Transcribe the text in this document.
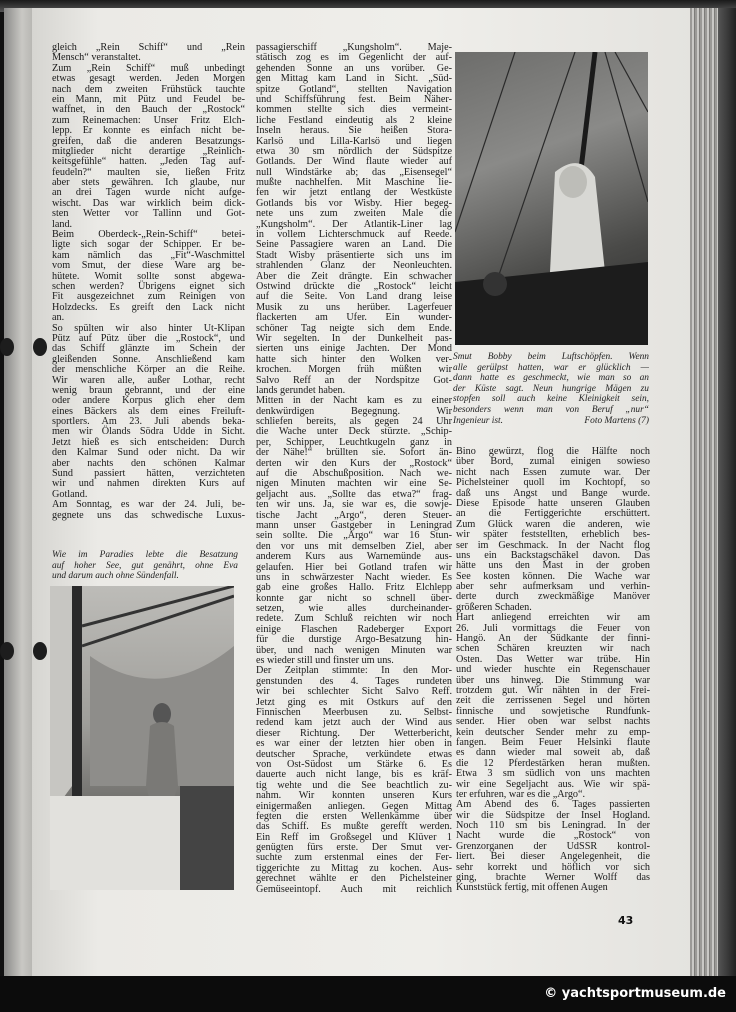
gleich „Rein Schiff“ und „Rein
Mensch“ veranstaltet.
Zum „Rein Schiff“ muß unbedingt
etwas gesagt werden. Jeden Morgen
nach dem zweiten Frühstück tauchte
ein Mann, mit Pütz und Feudel be-
waffnet, in den Bauch der „Rostock“
zum Reinemachen: Unser Fritz Elch-
lepp. Er konnte es einfach nicht be-
greifen, daß die anderen Besatzungs-
mitglieder nicht derartige „Reinlich-
keitsgefühle“ hatten. „Jeden Tag auf-
feudeln?“ maulten sie, ließen Fritz
aber stets gewähren. Ich glaube, nur
an drei Tagen wurde nicht aufge-
wischt. Das war wirklich beim dick-
sten Wetter vor Tallinn und Got-
land.
Beim Oberdeck-„Rein-Schiff“ betei-
ligte sich sogar der Schipper. Er be-
kam nämlich das „Fit“-Waschmittel
vom Smut, der diese Ware arg be-
hütete. Womit sollte sonst abgewa-
schen werden? Übrigens eignet sich
Fit ausgezeichnet zum Reinigen von
Holzdecks. Es greift den Lack nicht
an.
So spülten wir also hinter Ut-Klipan
Pütz auf Pütz über die „Rostock“, und
das Schiff glänzte im Schein der
gleißenden Sonne. Anschließend kam
der menschliche Körper an die Reihe.
Wir waren alle, außer Lothar, recht
wenig braun gebrannt, und der eine
oder andere Korpus glich eher dem
eines Bäckers als dem eines Freiluft-
sportlers. Am 23. Juli abends beka-
men wir Ölands Södra Udde in Sicht.
Jetzt hieß es sich entscheiden: Durch
den Kalmar Sund oder nicht. Da wir
aber nachts den schönen Kalmar
Sund passiert hätten, verzichteten
wir und nahmen direkten Kurs auf
Gotland.
Am Sonntag, es war der 24. Juli, be-
gegnete uns das schwedische Luxus-
passagierschiff „Kungsholm“. Maje-
stätisch zog es im Gegenlicht der auf-
gehenden Sonne an uns vorüber. Ge-
gen Mittag kam Land in Sicht. „Süd-
spitze Gotland“, stellten Navigation
und Schiffsführung fest. Beim Näher-
kommen stellte sich dies vermeint-
liche Festland eindeutig als 2 kleine
Inseln heraus. Sie heißen Stora-
Karlsö und Lilla-Karlsö und liegen
etwa 30 sm nördlich der Südspitze
Gotlands. Der Wind flaute wieder auf
null Windstärke ab; das „Eisensegel“
mußte nachhelfen. Mit Maschine lie-
fen wir jetzt entlang der Westküste
Gotlands bis vor Wisby. Hier begeg-
nete uns zum zweiten Male die
„Kungsholm“. Der Atlantik-Liner lag
in vollem Lichterschmuck auf Reede.
Seine Passagiere waren an Land. Die
Stadt Wisby präsentierte sich uns im
strahlenden Glanz der Neonleuchten.
Aber die Zeit drängte. Ein schwacher
Ostwind drückte die „Rostock“ leicht
auf die Seite. Von Land drang leise
Musik zu uns herüber. Lagerfeuer
flackerten am Ufer. Ein wunder-
schöner Tag neigte sich dem Ende.
Wir segelten. In der Dunkelheit pas-
sierten uns einige Jachten. Der Mond
hatte sich hinter den Wolken ver-
krochen. Morgen früh müßten wir
Salvo Reff an der Nordspitze Got-
lands gerundet haben.
Mitten in der Nacht kam es zu einer
denkwürdigen Begegnung. Wir
schliefen bereits, als gegen 24 Uhr
die Wache unter Deck stürzte. „Schip-
per, Schipper, Leuchtkugeln ganz in
der Nähe!“ brüllten sie. Sofort än-
derten wir den Kurs der „Rostock“
auf die Abschußposition. Nach we-
nigen Minuten machten wir eine Se-
geljacht aus. „Sollte das etwa?“ frag-
ten wir uns. Ja, sie war es, die sowje-
tische Jacht „Argo“, deren Steuer-
mann unser Gastgeber in Leningrad
sein sollte. Die „Argo“ war 16 Stun-
den vor uns mit demselben Ziel, aber
anderem Kurs aus Warnemünde aus-
gelaufen. Hier bei Gotland trafen wir
uns in schwärzester Nacht wieder. Es
gab eine großes Hallo. Fritz Elchlepp
konnte gar nicht so schnell über-
setzen, wie alles durcheinander-
redete. Zum Schluß reichten wir noch
einige Flaschen Radeberger Export
für die durstige Argo-Besatzung hin-
über, und nach wenigen Minuten war
es wieder still und finster um uns.
Der Zeitplan stimmte: In den Mor-
genstunden des 4. Tages rundeten
wir bei schlechter Sicht Salvo Reff.
Jetzt ging es mit Ostkurs auf den
Finnischen Meerbusen zu. Selbst-
redend kam jetzt auch der Wind aus
dieser Richtung. Der Wetterbericht,
es war einer der letzten hier oben in
deutscher Sprache, verkündete etwas
von Ost-Südost um Stärke 6. Es
dauerte auch nicht lange, bis es kräf-
tig wehte und die See beachtlich zu-
nahm. Wir konnten unseren Kurs
einigermaßen anliegen. Gegen Mittag
fegten die ersten Wellenkämme über
das Schiff. Es mußte gerefft werden.
Ein Reff im Großsegel und Klüver 1
genügten fürs erste. Der Smut ver-
suchte zum erstenmal eines der Fer-
tiggerichte zu Mittag zu kochen. Aus-
gerechnet wählte er den Pichelsteiner
Gemüseeintopf. Auch mit reichlich
Bino gewürzt, flog die Hälfte noch
über Bord, zumal einigen sowieso
nicht nach Essen zumute war. Der
Pichelsteiner quoll im Kochtopf, so
daß uns Angst und Bange wurde.
Diese Episode hatte unseren Glauben
an die Fertiggerichte erschüttert.
Zum Glück waren die anderen, wie
wir später feststellten, erheblich bes-
ser im Geschmack. In der Nacht flog
uns ein Backstagschäkel davon. Das
hätte uns den Mast in der groben
See kosten können. Die Wache war
aber sehr aufmerksam und verhin-
derte durch zweckmäßige Manöver
größeren Schaden.
Hart anliegend erreichten wir am
26. Juli vormittags die Feuer von
Hangö. An der Südkante der finni-
schen Schären kreuzten wir nach
Osten. Das Wetter war trübe. Hin
und wieder huschte ein Regenschauer
über uns hinweg. Die Stimmung war
trotzdem gut. Wir nähten in der Frei-
zeit die zerrissenen Segel und hörten
finnische und sowjetische Rundfunk-
sender. Hier oben war selbst nachts
kein deutscher Sender mehr zu emp-
fangen. Beim Feuer Helsinki flaute
es dann wieder mal soweit ab, daß
die 12 Pferdestärken heran mußten.
Etwa 3 sm südlich von uns machten
wir eine Segeljacht aus. Wie wir spä-
ter erfuhren, war es die „Argo“.
Am Abend des 6. Tages passierten
wir die Südspitze der Insel Hogland.
Noch 110 sm bis Leningrad. In der
Nacht wurde die „Rostock“ von
Grenzorganen der UdSSR kontrol-
liert. Bei dieser Angelegenheit, die
sehr korrekt und höflich vor sich
ging, brachte Werner Wolff das
Kunststück fertig, mit offenen Augen
Smut Bobby beim Luftschöpfen. Wenn
alle gerülpst hatten, war er glücklich —
dann hatte es geschmeckt, wie man so an
der Küste sagt. Neun hungrige Mägen zu
stopfen soll auch keine Kleinigkeit sein,
besonders wenn man von Beruf „nur“
Ingenieur ist.	Foto Martens (7)
Wie im Paradies lebte die Besatzung
auf hoher See, gut genährt, ohne Eva
und darum auch ohne Sündenfall.
43
© yachtsportmuseum.de
